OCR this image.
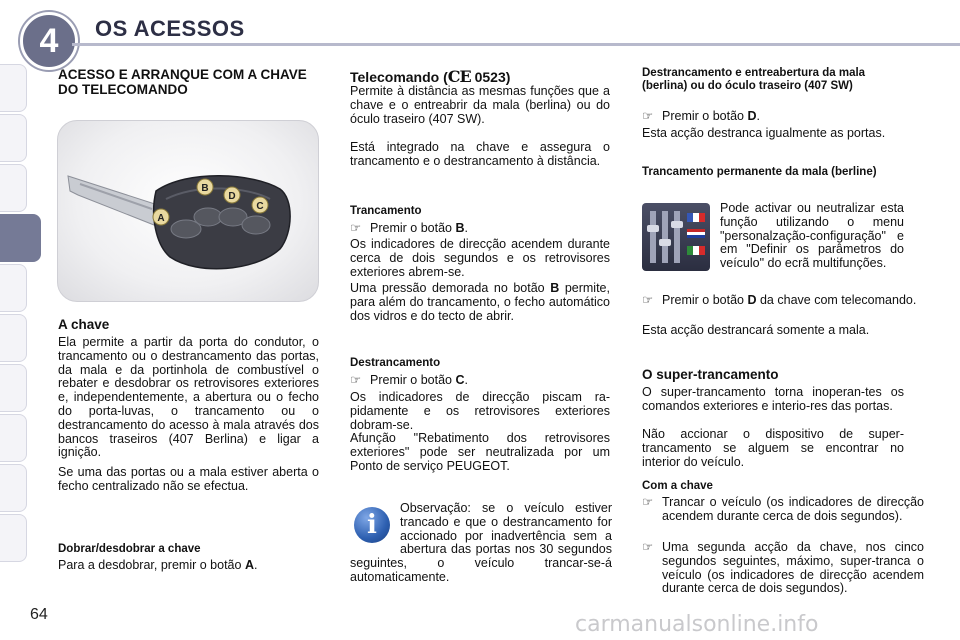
4	OS ACESSOS
ACESSO E ARRANQUE COM A CHAVE DO TELECOMANDO
A
B
C
D
A chave

Ela permite a partir da porta do condutor, o trancamento ou o destrancamento das portas, da mala e da portinhola de combustível o rebater e desdobrar os retrovisores exteriores e, independentemente, a abertura ou o fecho do porta-luvas, o trancamento ou o destrancamento do acesso à mala através dos bancos traseiros (407 Berlina) e ligar a ignição.

Se uma das portas ou a mala estiver aberta o fecho centralizado não se efectua.

Dobrar/desdobrar a chave
Para a desdobrar, premir o botão A.
Telecomando (CE 0523)

Permite à distância as mesmas funções que a chave e o entreabrir da mala (berlina) ou do óculo traseiro (407 SW).

Está integrado na chave e assegura o trancamento e o destrancamento à distância.

Trancamento
☞ Premir o botão B.

Os indicadores de direcção acendem durante cerca de dois segundos e os retrovisores exteriores abrem-se.

Uma pressão demorada no botão B permite, para além do trancamento, o fecho automático dos vidros e do tecto de abrir.

Destrancamento
☞ Premir o botão C.

Os indicadores de direcção piscam ra-pidamente e os retrovisores exteriores dobram-se.

Afunção "Rebatimento dos retrovisores exteriores" pode ser neutralizada por um Ponto de serviço PEUGEOT.

i

Observação: se o veículo estiver trancado e que o destrancamento for accionado por inadvertência sem a abertura das portas nos 30 segundos seguintes, o veículo trancar-se-á automaticamente.

Destrancamento e entreabertura da mala (berlina) ou do óculo traseiro (407 SW)
☞ Premir o botão D.

Esta acção destranca igualmente as portas.

Trancamento permanente da mala (berline)

Pode activar ou neutralizar esta função utilizando o menu "personalzação-configuração" e em "Definir os parâmetros do veículo" do ecrã multifunções.

☞ Premir o botão D da chave com telecomando.

Esta acção destrancará somente a mala.

O super-trancamento

O super-trancamento torna inoperan-tes os comandos exteriores e interio-res das portas.

Não accionar o dispositivo de super-trancamento se alguem se encontrar no interior do veículo.

Com a chave
☞ Trancar o veículo (os indicadores de direcção acendem durante cerca de dois segundos).
☞ Uma segunda acção da chave, nos cinco segundos seguintes, máximo, super-tranca o veículo (os indicadores de direcção acendem durante cerca de dois segundos).
64	carmanualsonline.info
